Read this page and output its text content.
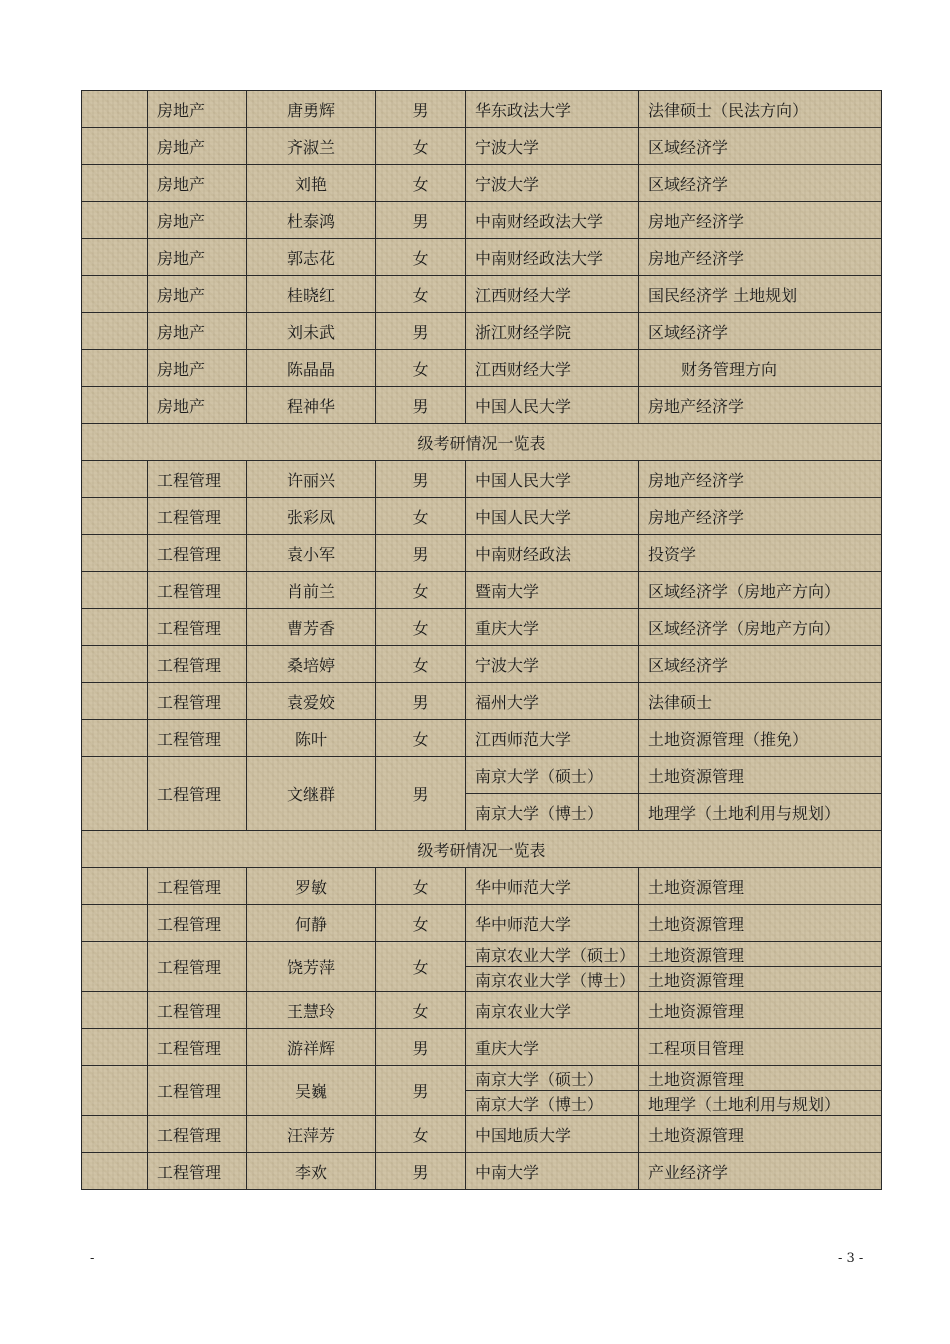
	房地产	唐勇辉	男	华东政法大学	法律硕士（民法方向）
	房地产	齐淑兰	女	宁波大学	区域经济学
	房地产	刘艳	女	宁波大学	区域经济学
	房地产	杜泰鸿	男	中南财经政法大学	房地产经济学
	房地产	郭志花	女	中南财经政法大学	房地产经济学
	房地产	桂晓红	女	江西财经大学	国民经济学 土地规划
	房地产	刘未武	男	浙江财经学院	区域经济学
	房地产	陈晶晶	女	江西财经大学	财务管理方向
	房地产	程神华	男	中国人民大学	房地产经济学
级考研情况一览表					
	工程管理	许丽兴	男	中国人民大学	房地产经济学
	工程管理	张彩凤	女	中国人民大学	房地产经济学
	工程管理	袁小军	男	中南财经政法	投资学
	工程管理	肖前兰	女	暨南大学	区域经济学（房地产方向）
	工程管理	曹芳香	女	重庆大学	区域经济学（房地产方向）
	工程管理	桑培婷	女	宁波大学	区域经济学
	工程管理	袁爱姣	男	福州大学	法律硕士
	工程管理	陈叶	女	江西师范大学	土地资源管理（推免）
	工程管理	文继群	男	南京大学（硕士）	土地资源管理
				南京大学（博士）	地理学（土地利用与规划）
级考研情况一览表					
	工程管理	罗敏	女	华中师范大学	土地资源管理
	工程管理	何静	女	华中师范大学	土地资源管理
	工程管理	饶芳萍	女	南京农业大学（硕士）	土地资源管理
				南京农业大学（博士）	土地资源管理
	工程管理	王慧玲	女	南京农业大学	土地资源管理
	工程管理	游祥辉	男	重庆大学	工程项目管理
	工程管理	吴巍	男	南京大学（硕士）	土地资源管理
				南京大学（博士）	地理学（土地利用与规划）
	工程管理	汪萍芳	女	中国地质大学	土地资源管理
	工程管理	李欢	男	中南大学	产业经济学
-	- 3 -
